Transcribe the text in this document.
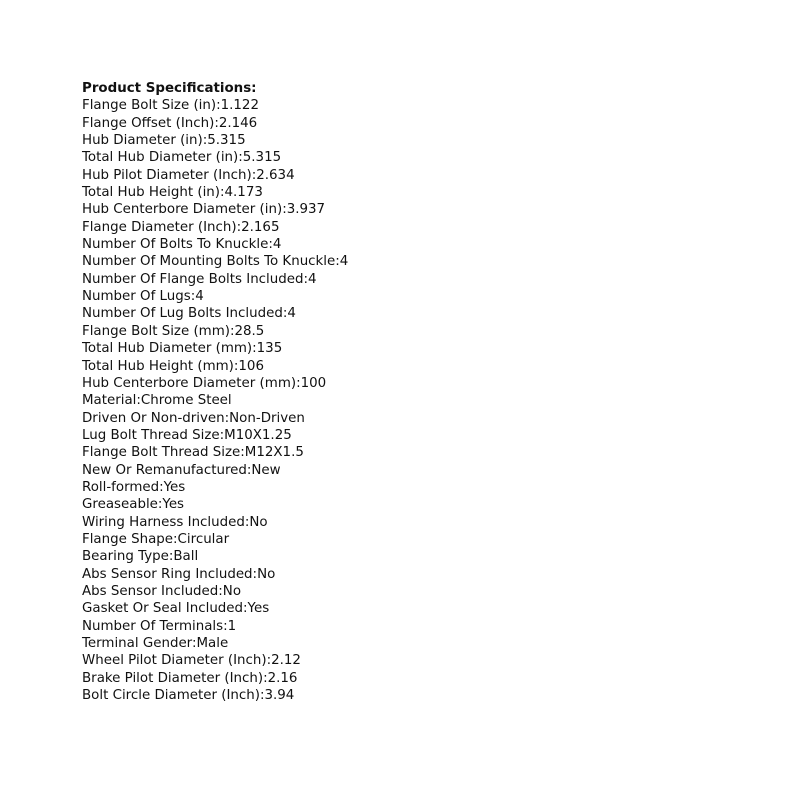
Product Specifications:
Flange Bolt Size (in):1.122
Flange Offset (Inch):2.146
Hub Diameter (in):5.315
Total Hub Diameter (in):5.315
Hub Pilot Diameter (Inch):2.634
Total Hub Height (in):4.173
Hub Centerbore Diameter (in):3.937
Flange Diameter (Inch):2.165
Number Of Bolts To Knuckle:4
Number Of Mounting Bolts To Knuckle:4
Number Of Flange Bolts Included:4
Number Of Lugs:4
Number Of Lug Bolts Included:4
Flange Bolt Size (mm):28.5
Total Hub Diameter (mm):135
Total Hub Height (mm):106
Hub Centerbore Diameter (mm):100
Material:Chrome Steel
Driven Or Non-driven:Non-Driven
Lug Bolt Thread Size:M10X1.25
Flange Bolt Thread Size:M12X1.5
New Or Remanufactured:New
Roll-formed:Yes
Greaseable:Yes
Wiring Harness Included:No
Flange Shape:Circular
Bearing Type:Ball
Abs Sensor Ring Included:No
Abs Sensor Included:No
Gasket Or Seal Included:Yes
Number Of Terminals:1
Terminal Gender:Male
Wheel Pilot Diameter (Inch):2.12
Brake Pilot Diameter (Inch):2.16
Bolt Circle Diameter (Inch):3.94
